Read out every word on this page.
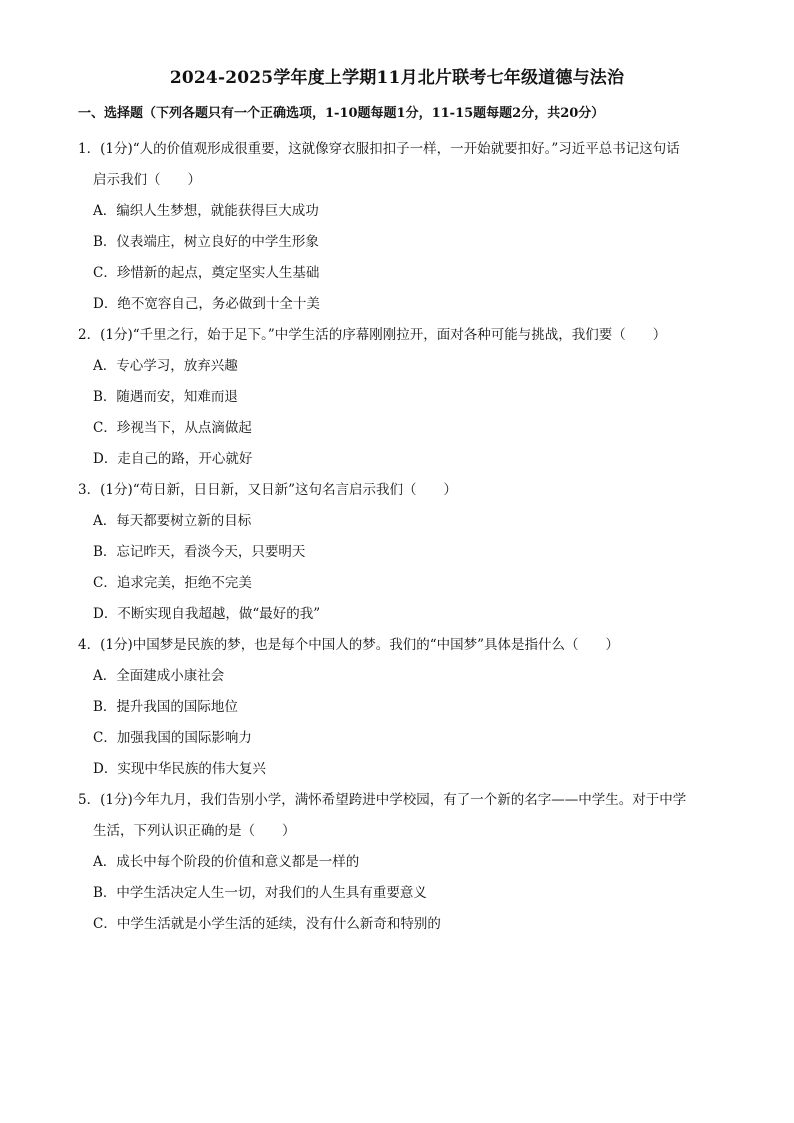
2024-2025学年度上学期11月北片联考七年级道德与法治
一、选择题（下列各题只有一个正确选项，1-10题每题1分，11-15题每题2分，共20分）
1．(1分)“人的价值观形成很重要，这就像穿衣服扣扣子一样，一开始就要扣好。”习近平总书记这句话
启示我们（　　）
A．编织人生梦想，就能获得巨大成功
B．仪表端庄，树立良好的中学生形象
C．珍惜新的起点，奠定坚实人生基础
D．绝不宽容自己，务必做到十全十美
2．(1分)“千里之行，始于足下。”中学生活的序幕刚刚拉开，面对各种可能与挑战，我们要（　　）
A．专心学习，放弃兴趣
B．随遇而安，知难而退
C．珍视当下，从点滴做起
D．走自己的路，开心就好
3．(1分)“苟日新，日日新，又日新”这句名言启示我们（　　）
A．每天都要树立新的目标
B．忘记昨天，看淡今天，只要明天
C．追求完美，拒绝不完美
D．不断实现自我超越，做“最好的我”
4．(1分)中国梦是民族的梦，也是每个中国人的梦。我们的“中国梦”具体是指什么（　　）
A．全面建成小康社会
B．提升我国的国际地位
C．加强我国的国际影响力
D．实现中华民族的伟大复兴
5．(1分)今年九月，我们告别小学，满怀希望跨进中学校园，有了一个新的名字——中学生。对于中学
生活，下列认识正确的是（　　）
A．成长中每个阶段的价值和意义都是一样的
B．中学生活决定人生一切，对我们的人生具有重要意义
C．中学生活就是小学生活的延续，没有什么新奇和特别的
